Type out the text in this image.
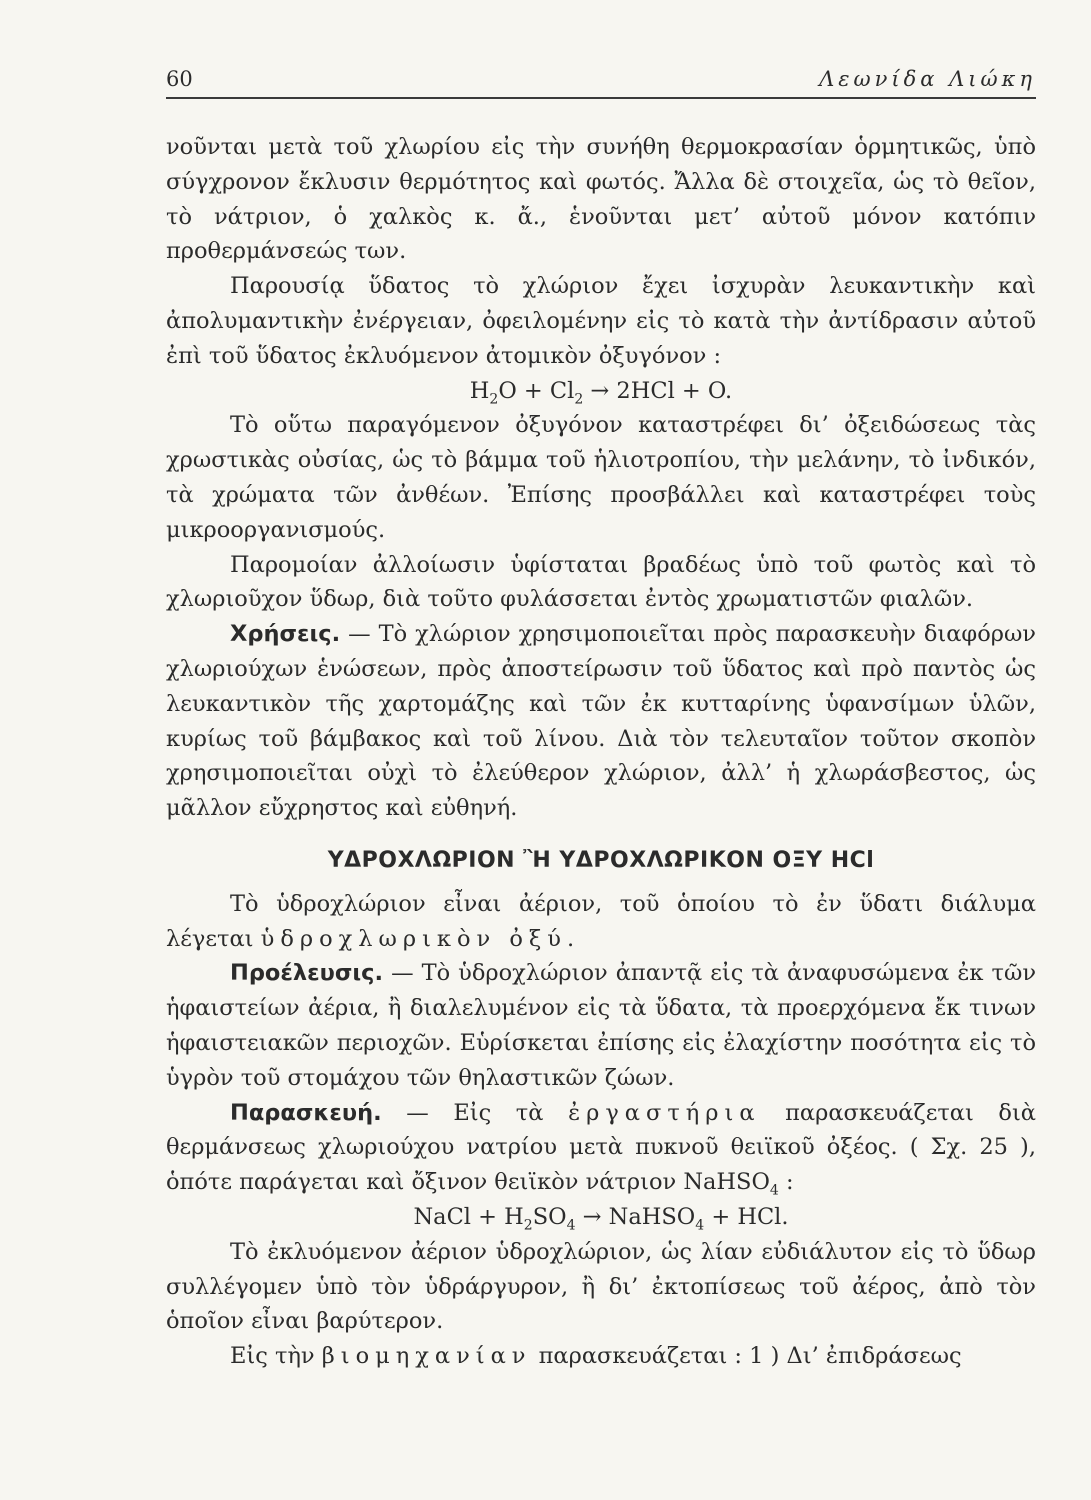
60	Λεωνίδα Λιώκη

νοῦνται μετὰ τοῦ χλωρίου εἰς τὴν συνήθη θερμοκρασίαν ὁρμητικῶς, ὑπὸ σύγχρονον ἔκλυσιν θερμότητος καὶ φωτός. Ἄλλα δὲ στοιχεῖα, ὡς τὸ θεῖον, τὸ νάτριον, ὁ χαλκὸς κ. ἄ., ἑνοῦνται μετ’ αὐτοῦ μόνον κατόπιν προθερμάνσεώς των.

Παρουσίᾳ ὕδατος τὸ χλώριον ἔχει ἰσχυρὰν λευκαντικὴν καὶ ἀπολυμαντικὴν ἐνέργειαν, ὀφειλομένην εἰς τὸ κατὰ τὴν ἀντίδρασιν αὐτοῦ ἐπὶ τοῦ ὕδατος ἐκλυόμενον ἀτομικὸν ὀξυγόνον :

$H_2O + Cl_2 \to 2HCl + O$.

Τὸ οὕτω παραγόμενον ὀξυγόνον καταστρέφει δι’ ὀξειδώσεως τὰς χρωστικὰς οὐσίας, ὡς τὸ βάμμα τοῦ ἡλιοτροπίου, τὴν μελάνην, τὸ ἰνδικόν, τὰ χρώματα τῶν ἀνθέων. Ἐπίσης προσβάλλει καὶ καταστρέφει τοὺς μικροοργανισμούς.

Παρομοίαν ἀλλοίωσιν ὑφίσταται βραδέως ὑπὸ τοῦ φωτὸς καὶ τὸ χλωριοῦχον ὕδωρ, διὰ τοῦτο φυλάσσεται ἐντὸς χρωματιστῶν φιαλῶν.

Χρήσεις. — Τὸ χλώριον χρησιμοποιεῖται πρὸς παρασκευὴν διαφόρων χλωριούχων ἑνώσεων, πρὸς ἀποστείρωσιν τοῦ ὕδατος καὶ πρὸ παντὸς ὡς λευκαντικὸν τῆς χαρτομάζης καὶ τῶν ἐκ κυτταρίνης ὑφανσίμων ὑλῶν, κυρίως τοῦ βάμβακος καὶ τοῦ λίνου. Διὰ τὸν τελευταῖον τοῦτον σκοπὸν χρησιμοποιεῖται οὐχὶ τὸ ἐλεύθερον χλώριον, ἀλλ’ ἡ χλωράσβεστος, ὡς μᾶλλον εὔχρηστος καὶ εὐθηνή.

ΥΔΡΟΧΛΩΡΙΟΝ Ἢ ΥΔΡΟΧΛΩΡΙΚΟΝ ΟΞΥ HCl

Τὸ ὑδροχλώριον εἶναι ἀέριον, τοῦ ὁποίου τὸ ἐν ὕδατι διάλυμα λέγεται ὑδροχλωρικὸν ὀξύ.

Προέλευσις. — Τὸ ὑδροχλώριον ἀπαντᾷ εἰς τὰ ἀναφυσώμενα ἐκ τῶν ἡφαιστείων ἀέρια, ἢ διαλελυμένον εἰς τὰ ὕδατα, τὰ προερχόμενα ἔκ τινων ἡφαιστειακῶν περιοχῶν. Εὑρίσκεται ἐπίσης εἰς ἐλαχίστην ποσότητα εἰς τὸ ὑγρὸν τοῦ στομάχου τῶν θηλαστικῶν ζώων.

Παρασκευή. — Εἰς τὰ ἐργαστήρια παρασκευάζεται διὰ θερμάνσεως χλωριούχου νατρίου μετὰ πυκνοῦ θειϊκοῦ ὀξέος. ( Σχ. 25 ), ὁπότε παράγεται καὶ ὄξινον θειϊκὸν νάτριον NaHSO$_4$ :

NaCl + $H_2SO_4$ → NaHSO$_4$ + HCl.

Τὸ ἐκλυόμενον ἀέριον ὑδροχλώριον, ὡς λίαν εὐδιάλυτον εἰς τὸ ὕδωρ συλλέγομεν ὑπὸ τὸν ὑδράργυρον, ἢ δι’ ἐκτοπίσεως τοῦ ἀέρος, ἀπὸ τὸν ὁποῖον εἶναι βαρύτερον.

Εἰς τὴν βιομηχανίαν παρασκευάζεται : 1 ) Δι’ ἐπιδράσεως
